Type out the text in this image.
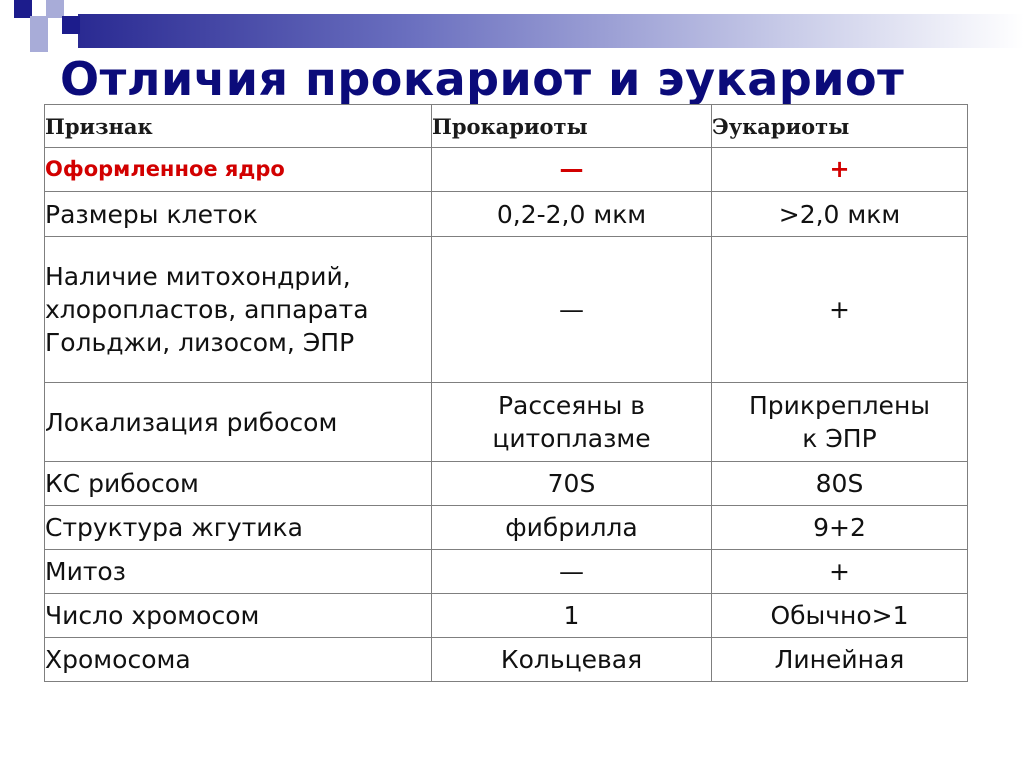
Отличия прокариот и эукариот
Признак	Прокариоты	Эукариоты
Оформленное ядро	—	+
Размеры клеток	0,2-2,0 мкм	>2,0 мкм
Наличие митохондрий, хлоропластов, аппарата Гольджи, лизосом, ЭПР	—	+
Локализация рибосом	Рассеяны в цитоплазме	Прикреплены к ЭПР
КС рибосом	70S	80S
Структура жгутика	фибрилла	9+2
Митоз	—	+
Число хромосом	1	Обычно>1
Хромосома	Кольцевая	Линейная
